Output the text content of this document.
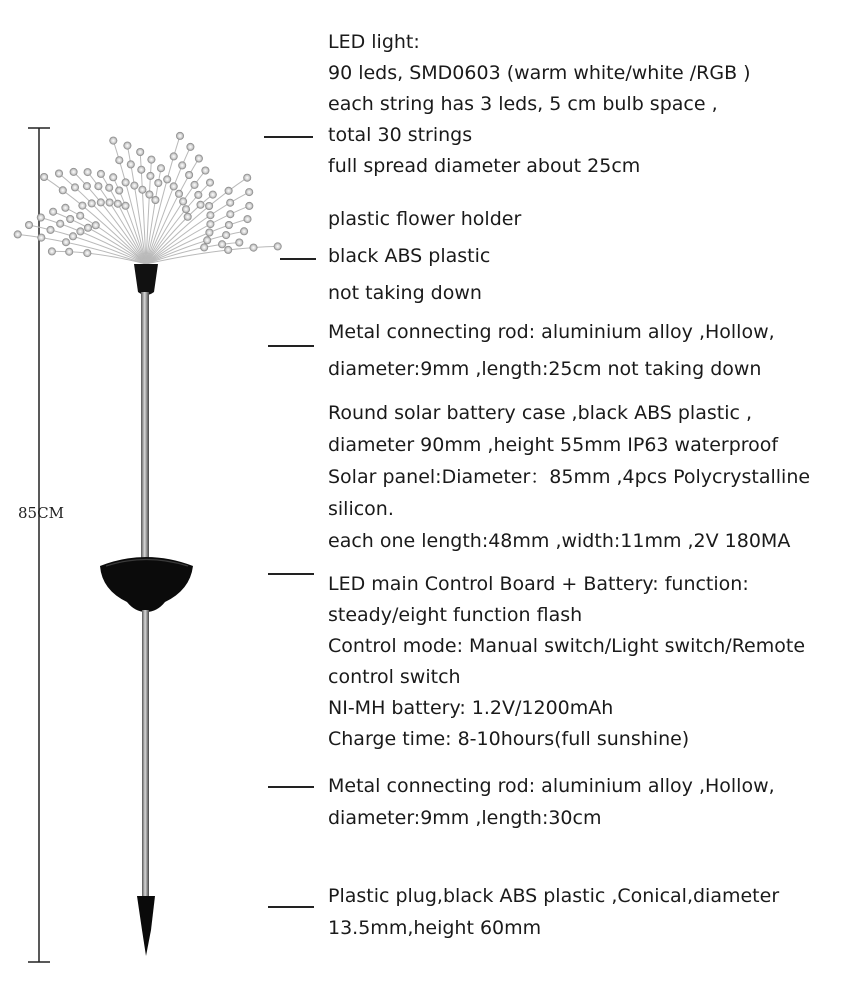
85CM
LED light:
90 leds, SMD0603 (warm white/white /RGB )
each string has 3 leds, 5 cm bulb space ,
total 30 strings
full spread diameter about 25cm
plastic flower holder
black ABS plastic
not taking down
Metal connecting rod: aluminium alloy ,Hollow,
diameter:9mm ,length:25cm not taking down
Round solar battery case ,black ABS plastic ,
diameter 90mm ,height 55mm IP63 waterproof
Solar panel:Diameter：85mm ,4pcs Polycrystalline
silicon.
each one length:48mm ,width:11mm ,2V 180MA
LED main Control Board + Battery: function:
steady/eight function flash
Control mode: Manual switch/Light switch/Remote
control switch
NI-MH battery: 1.2V/1200mAh
Charge time: 8-10hours(full sunshine)
Metal connecting rod: aluminium alloy ,Hollow,
diameter:9mm ,length:30cm
Plastic plug,black ABS plastic ,Conical,diameter
13.5mm,height 60mm
